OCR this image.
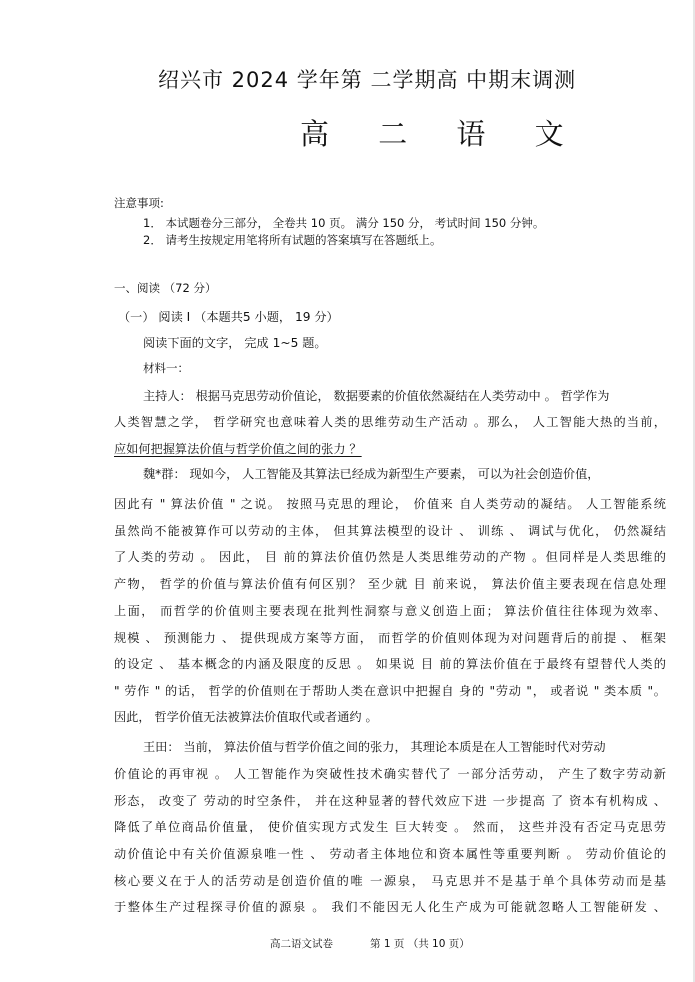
绍兴市 2024 学年第 二学期高 中期末调测
高 二 语 文
注意事项:
1． 本试题卷分三部分， 全卷共 10 页。 满分 150 分， 考试时间 150 分钟。
2． 请考生按规定用笔将所有试题的答案填写在答题纸上。
一、阅读 （72 分）
（一） 阅读 I （本题共5 小题， 19 分）
阅读下面的文字， 完成 1~5 题。
材料一：
主持人： 根据马克思劳动价值论， 数据要素的价值依然凝结在人类劳动中 。 哲学作为
人类智慧之学， 哲学研究也意味着人类的思维劳动生产活动 。那么， 人工智能大热的当前，
应如何把握算法价值与哲学价值之间的张力 ？
魏*群： 现如今， 人工智能及其算法已经成为新型生产要素， 可以为社会创造价值，
因此有 " 算法价值 " 之说。 按照马克思的理论， 价值来 自人类劳动的凝结。 人工智能系统
虽然尚不能被算作可以劳动的主体， 但其算法模型的设计 、 训练 、 调试与优化， 仍然凝结
了人类的劳动 。 因此， 目 前的算法价值仍然是人类思维劳动的产物 。但同样是人类思维的
产物， 哲学的价值与算法价值有何区别？ 至少就 目 前来说， 算法价值主要表现在信息处理
上面， 而哲学的价值则主要表现在批判性洞察与意义创造上面； 算法价值往往体现为效率、
规模 、 预测能力 、 提供现成方案等方面， 而哲学的价值则体现为对问题背后的前提 、 框架
的设定 、 基本概念的内涵及限度的反思 。 如果说 目 前的算法价值在于最终有望替代人类的
" 劳作 " 的话， 哲学的价值则在于帮助人类在意识中把握自 身的 "劳动 "， 或者说 " 类本质 "。
因此， 哲学价值无法被算法价值取代或者通约 。
王田： 当前， 算法价值与哲学价值之间的张力， 其理论本质是在人工智能时代对劳动
价值论的再审视 。 人工智能作为突破性技术确实替代了 一部分活劳动， 产生了数字劳动新
形态， 改变了 劳动的时空条件， 并在这种显著的替代效应下进 一步提高 了 资本有机构成 、
降低了单位商品价值量， 使价值实现方式发生 巨大转变 。 然而， 这些并没有否定马克思劳
动价值论中有关价值源泉唯一性 、 劳动者主体地位和资本属性等重要判断 。 劳动价值论的
核心要义在于人的活劳动是创造价值的唯 一源泉， 马克思并不是基于单个具体劳动而是基
于整体生产过程探寻价值的源泉 。 我们不能因无人化生产成为可能就忽略人工智能研发 、
高二语文试卷	第 1 页 （共 10 页）
